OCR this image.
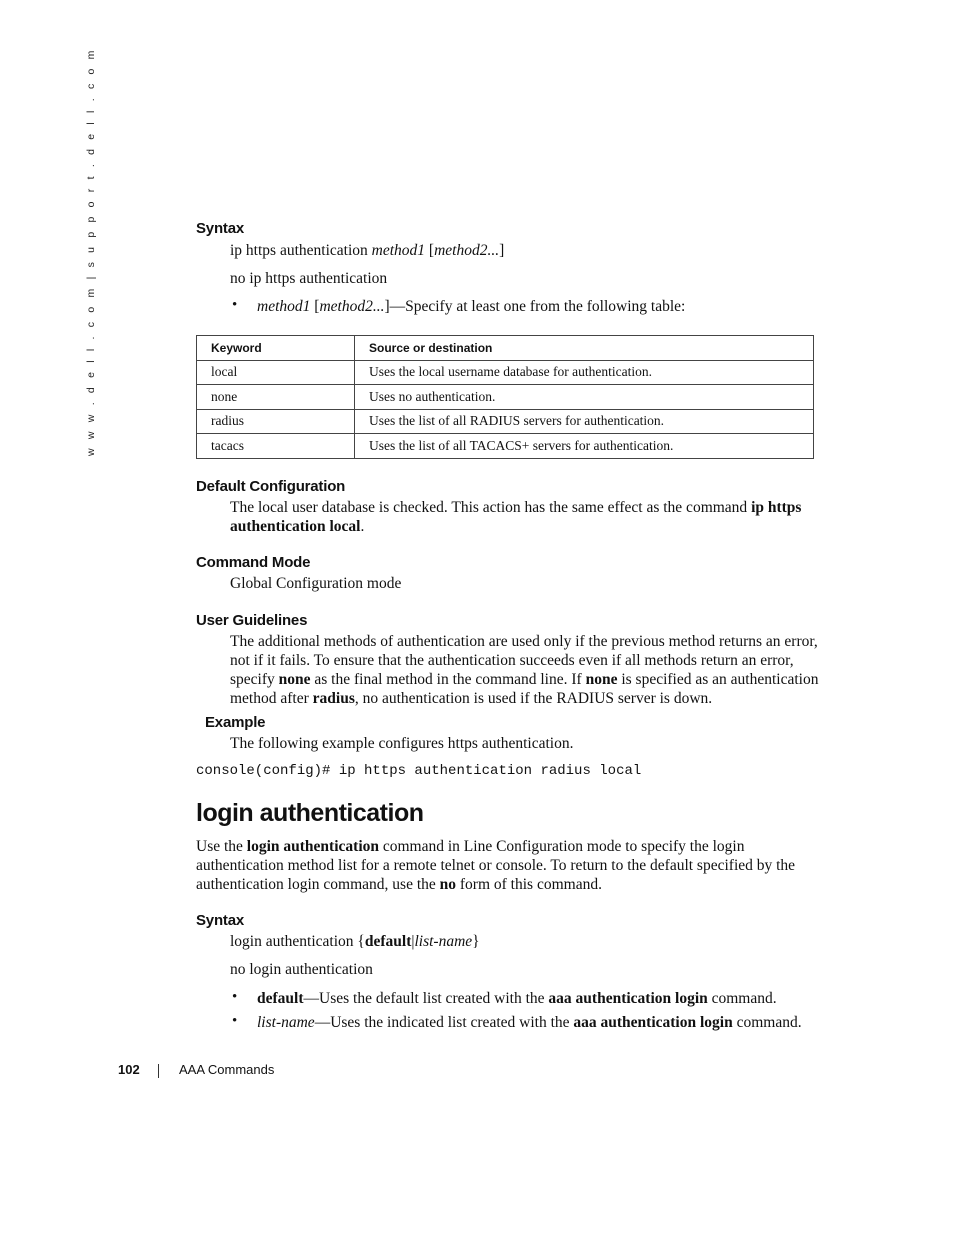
w w w . d e l l . c o m | s u p p o r t . d e l l . c o m	Syntax
ip https authentication method1 [method2...]
no ip https authentication
• method1 [method2...]—Specify at least one from the following table:
Keyword	Source or destination
local	Uses the local username database for authentication.
none	Uses no authentication.
radius	Uses the list of all RADIUS servers for authentication.
tacacs	Uses the list of all TACACS+ servers for authentication.
Default Configuration
The local user database is checked. This action has the same effect as the command ip https authentication local.
Command Mode
Global Configuration mode
User Guidelines
The additional methods of authentication are used only if the previous method returns an error, not if it fails. To ensure that the authentication succeeds even if all methods return an error, specify none as the final method in the command line. If none is specified as an authentication method after radius, no authentication is used if the RADIUS server is down.
Example
The following example configures https authentication.
console(config)# ip https authentication radius local
login authentication
Use the login authentication command in Line Configuration mode to specify the login authentication method list for a remote telnet or console. To return to the default specified by the authentication login command, use the no form of this command.
Syntax
login authentication {default|list-name}
no login authentication
• default—Uses the default list created with the aaa authentication login command.
• list-name—Uses the indicated list created with the aaa authentication login command.
102	AAA Commands
